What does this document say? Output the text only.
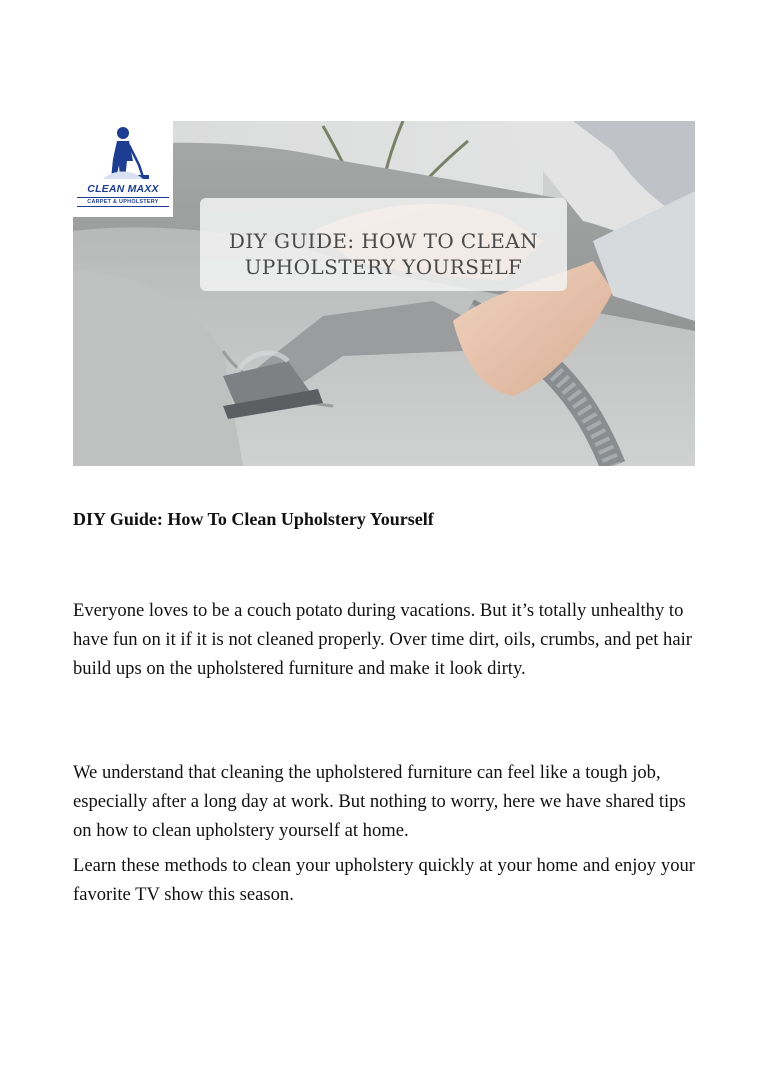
CLEAN MAXX
CARPET & UPHOLSTERY
DIY GUIDE: HOW TO CLEAN
UPHOLSTERY YOURSELF
DIY Guide: How To Clean Upholstery Yourself

Everyone loves to be a couch potato during vacations. But it’s totally unhealthy to have fun on it if it is not cleaned properly. Over time dirt, oils, crumbs, and pet hair build ups on the upholstered furniture and make it look dirty.

We understand that cleaning the upholstered furniture can feel like a tough job, especially after a long day at work. But nothing to worry, here we have shared tips on how to clean upholstery yourself at home.

Learn these methods to clean your upholstery quickly at your home and enjoy your favorite TV show this season.
